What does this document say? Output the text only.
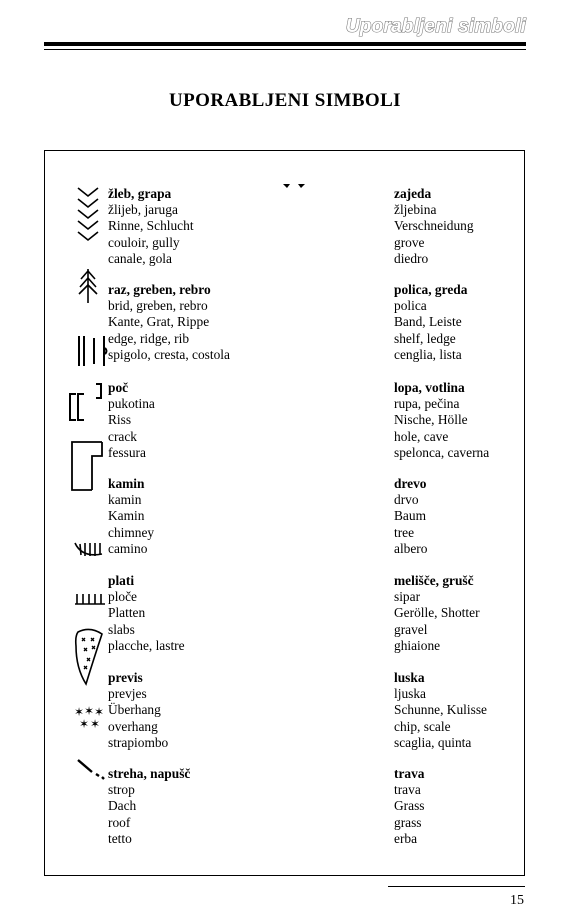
Uporabljeni simboli
UPORABLJENI SIMBOLI
žleb, grapa
žlijeb, jaruga
Rinne, Schlucht
couloir, gully
canale, gola
raz, greben, rebro
brid, greben, rebro
Kante, Grat, Rippe
edge, ridge, rib
spigolo, cresta, costola
poč
pukotina
Riss
crack
fessura
kamin
kamin
Kamin
chimney
camino
plati
ploče
Platten
slabs
placche, lastre
previs
prevjes
Überhang
overhang
strapiombo
streha, napušč
strop
Dach
roof
tetto
zajeda
žljebina
Verschneidung
grove
diedro
polica, greda
polica
Band, Leiste
shelf, ledge
cenglia, lista
lopa, votlina
rupa, pečina
Nische, Hölle
hole, cave
spelonca, caverna
drevo
drvo
Baum
tree
albero
melišče, grušč
sipar
Gerölle, Shotter
gravel
ghiaione
luska
ljuska
Schunne, Kulisse
chip, scale
scaglia, quinta
trava
trava
Grass
grass
erba
✶ ✶ ✶
✶ ✶
15
